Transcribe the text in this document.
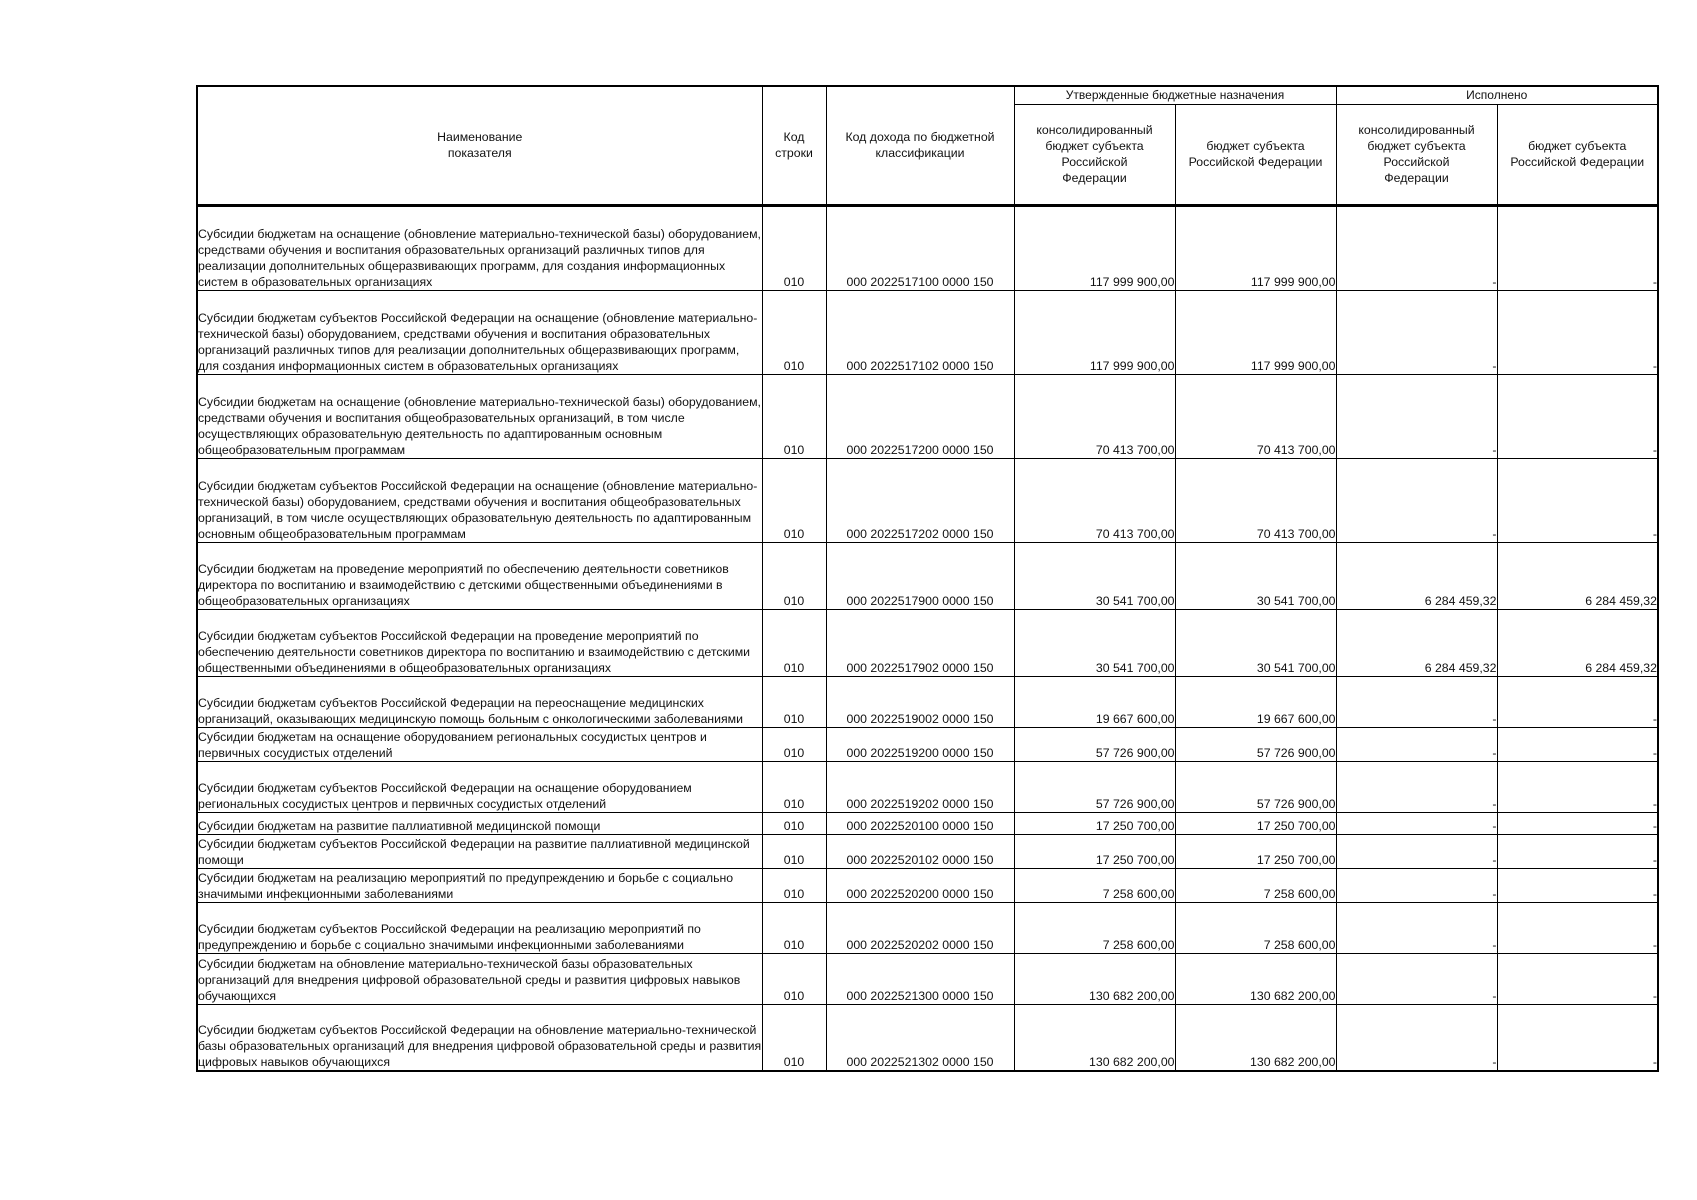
Наименование показателя	Код строки	Код дохода по бюджетной классификации	Утвержденные бюджетные назначения		Исполнено	
			консолидированный бюджет субъекта Российской Федерации	бюджет субъекта Российской Федерации	консолидированный бюджет субъекта Российской Федерации	бюджет субъекта Российской Федерации
Субсидии бюджетам на оснащение (обновление материально-технической базы) оборудованием, средствами обучения и воспитания образовательных организаций различных типов для реализации дополнительных общеразвивающих программ, для создания информационных систем в образовательных организациях	010	000 2022517100 0000 150	117 999 900,00	117 999 900,00	-	-
Субсидии бюджетам субъектов Российской Федерации на оснащение (обновление материально-технической базы) оборудованием, средствами обучения и воспитания образовательных организаций различных типов для реализации дополнительных общеразвивающих программ, для создания информационных систем в образовательных организациях	010	000 2022517102 0000 150	117 999 900,00	117 999 900,00	-	-
Субсидии бюджетам на оснащение (обновление материально-технической базы) оборудованием, средствами обучения и воспитания общеобразовательных организаций, в том числе осуществляющих образовательную деятельность по адаптированным основным общеобразовательным программам	010	000 2022517200 0000 150	70 413 700,00	70 413 700,00	-	-
Субсидии бюджетам субъектов Российской Федерации на оснащение (обновление материально-технической базы) оборудованием, средствами обучения и воспитания общеобразовательных организаций, в том числе осуществляющих образовательную деятельность по адаптированным основным общеобразовательным программам	010	000 2022517202 0000 150	70 413 700,00	70 413 700,00	-	-
Субсидии бюджетам на проведение мероприятий по обеспечению деятельности советников директора по воспитанию и взаимодействию с детскими общественными объединениями в общеобразовательных организациях	010	000 2022517900 0000 150	30 541 700,00	30 541 700,00	6 284 459,32	6 284 459,32
Субсидии бюджетам субъектов Российской Федерации на проведение мероприятий по обеспечению деятельности советников директора по воспитанию и взаимодействию с детскими общественными объединениями в общеобразовательных организациях	010	000 2022517902 0000 150	30 541 700,00	30 541 700,00	6 284 459,32	6 284 459,32
Субсидии бюджетам субъектов Российской Федерации на переоснащение медицинских организаций, оказывающих медицинскую помощь больным с онкологическими заболеваниями	010	000 2022519002 0000 150	19 667 600,00	19 667 600,00	-	-
Субсидии бюджетам на оснащение оборудованием региональных сосудистых центров и первичных сосудистых отделений	010	000 2022519200 0000 150	57 726 900,00	57 726 900,00	-	-
Субсидии бюджетам субъектов Российской Федерации на оснащение оборудованием региональных сосудистых центров и первичных сосудистых отделений	010	000 2022519202 0000 150	57 726 900,00	57 726 900,00	-	-
Субсидии бюджетам на развитие паллиативной медицинской помощи	010	000 2022520100 0000 150	17 250 700,00	17 250 700,00	-	-
Субсидии бюджетам субъектов Российской Федерации на развитие паллиативной медицинской помощи	010	000 2022520102 0000 150	17 250 700,00	17 250 700,00	-	-
Субсидии бюджетам на реализацию мероприятий по предупреждению и борьбе с социально значимыми инфекционными заболеваниями	010	000 2022520200 0000 150	7 258 600,00	7 258 600,00	-	-
Субсидии бюджетам субъектов Российской Федерации на реализацию мероприятий по предупреждению и борьбе с социально значимыми инфекционными заболеваниями	010	000 2022520202 0000 150	7 258 600,00	7 258 600,00	-	-
Субсидии бюджетам на обновление материально-технической базы образовательных организаций для внедрения цифровой образовательной среды и развития цифровых навыков обучающихся	010	000 2022521300 0000 150	130 682 200,00	130 682 200,00	-	-
Субсидии бюджетам субъектов Российской Федерации на обновление материально-технической базы образовательных организаций для внедрения цифровой образовательной среды и развития цифровых навыков обучающихся	010	000 2022521302 0000 150	130 682 200,00	130 682 200,00	-	-
